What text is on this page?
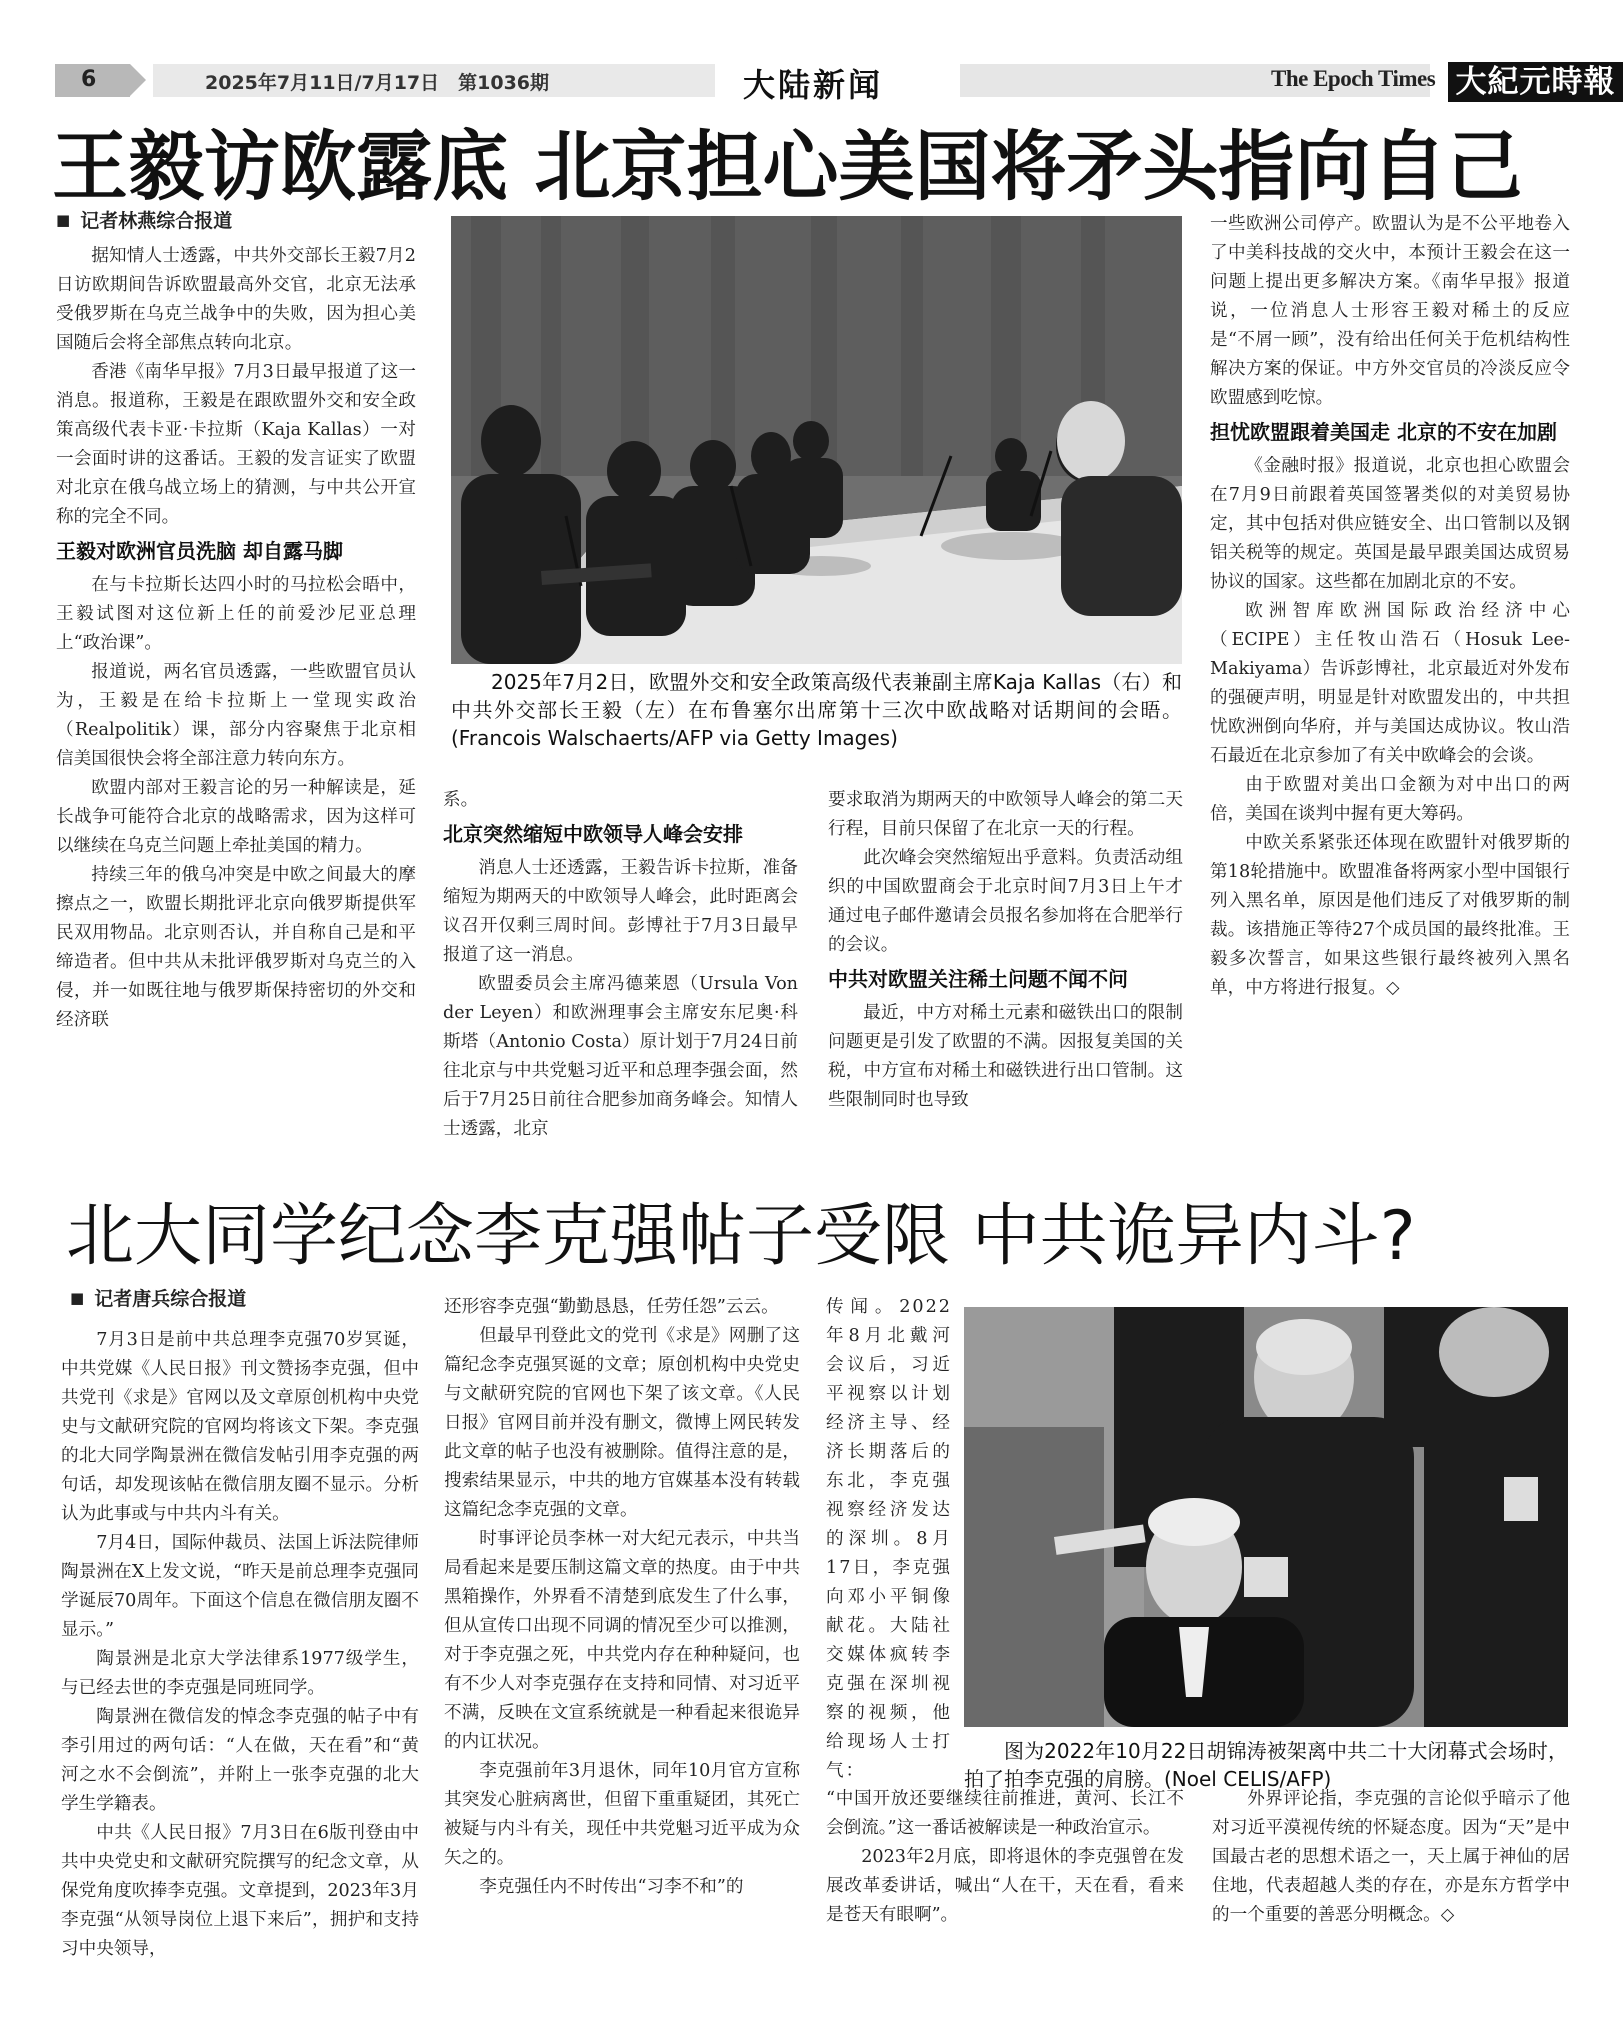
6	2025年7月11日/7月17日　第1036期	大陆新闻	The Epoch Times 大紀元時報
王毅访欧露底 北京担心美国将矛头指向自己
■ 记者林燕综合报道

据知情人士透露，中共外交部长王毅7月2日访欧期间告诉欧盟最高外交官，北京无法承受俄罗斯在乌克兰战争中的失败，因为担心美国随后会将全部焦点转向北京。

香港《南华早报》7月3日最早报道了这一消息。报道称，王毅是在跟欧盟外交和安全政策高级代表卡亚·卡拉斯（Kaja Kallas）一对一会面时讲的这番话。王毅的发言证实了欧盟对北京在俄乌战立场上的猜测，与中共公开宣称的完全不同。

王毅对欧洲官员洗脑 却自露马脚

在与卡拉斯长达四小时的马拉松会晤中，王毅试图对这位新上任的前爱沙尼亚总理上“政治课”。

报道说，两名官员透露，一些欧盟官员认为，王毅是在给卡拉斯上一堂现实政治（Realpolitik）课，部分内容聚焦于北京相信美国很快会将全部注意力转向东方。

欧盟内部对王毅言论的另一种解读是，延长战争可能符合北京的战略需求，因为这样可以继续在乌克兰问题上牵扯美国的精力。

持续三年的俄乌冲突是中欧之间最大的摩擦点之一，欧盟长期批评北京向俄罗斯提供军民双用物品。北京则否认，并自称自己是和平缔造者。但中共从未批评俄罗斯对乌克兰的入侵，并一如既往地与俄罗斯保持密切的外交和经济联

2025年7月2日，欧盟外交和安全政策高级代表兼副主席Kaja Kallas（右）和中共外交部长王毅（左）在布鲁塞尔出席第十三次中欧战略对话期间的会晤。(Francois Walschaerts/AFP via Getty Images)

系。

北京突然缩短中欧领导人峰会安排

消息人士还透露，王毅告诉卡拉斯，准备缩短为期两天的中欧领导人峰会，此时距离会议召开仅剩三周时间。彭博社于7月3日最早报道了这一消息。

欧盟委员会主席冯德莱恩（Ursula Von der Leyen）和欧洲理事会主席安东尼奥·科斯塔（Antonio Costa）原计划于7月24日前往北京与中共党魁习近平和总理李强会面，然后于7月25日前往合肥参加商务峰会。知情人士透露，北京

要求取消为期两天的中欧领导人峰会的第二天行程，目前只保留了在北京一天的行程。

此次峰会突然缩短出乎意料。负责活动组织的中国欧盟商会于北京时间7月3日上午才通过电子邮件邀请会员报名参加将在合肥举行的会议。

中共对欧盟关注稀土问题不闻不问

最近，中方对稀土元素和磁铁出口的限制问题更是引发了欧盟的不满。因报复美国的关税，中方宣布对稀土和磁铁进行出口管制。这些限制同时也导致

一些欧洲公司停产。欧盟认为是不公平地卷入了中美科技战的交火中，本预计王毅会在这一问题上提出更多解决方案。《南华早报》报道说，一位消息人士形容王毅对稀土的反应是“不屑一顾”，没有给出任何关于危机结构性解决方案的保证。中方外交官员的冷淡反应令欧盟感到吃惊。

担忧欧盟跟着美国走 北京的不安在加剧

《金融时报》报道说，北京也担心欧盟会在7月9日前跟着英国签署类似的对美贸易协定，其中包括对供应链安全、出口管制以及钢铝关税等的规定。英国是最早跟美国达成贸易协议的国家。这些都在加剧北京的不安。

欧洲智库欧洲国际政治经济中心（ECIPE）主任牧山浩石（Hosuk Lee-Makiyama）告诉彭博社，北京最近对外发布的强硬声明，明显是针对欧盟发出的，中共担忧欧洲倒向华府，并与美国达成协议。牧山浩石最近在北京参加了有关中欧峰会的会谈。

由于欧盟对美出口金额为对中出口的两倍，美国在谈判中握有更大筹码。

中欧关系紧张还体现在欧盟针对俄罗斯的第18轮措施中。欧盟准备将两家小型中国银行列入黑名单，原因是他们违反了对俄罗斯的制裁。该措施正等待27个成员国的最终批准。王毅多次誓言，如果这些银行最终被列入黑名单，中方将进行报复。◇

北大同学纪念李克强帖子受限 中共诡异内斗?
■ 记者唐兵综合报道

7月3日是前中共总理李克强70岁冥诞，中共党媒《人民日报》刊文赞扬李克强，但中共党刊《求是》官网以及文章原创机构中央党史与文献研究院的官网均将该文下架。李克强的北大同学陶景洲在微信发帖引用李克强的两句话，却发现该帖在微信朋友圈不显示。分析认为此事或与中共内斗有关。

7月4日，国际仲裁员、法国上诉法院律师陶景洲在X上发文说，“昨天是前总理李克强同学诞辰70周年。下面这个信息在微信朋友圈不显示。”

陶景洲是北京大学法律系1977级学生，与已经去世的李克强是同班同学。

陶景洲在微信发的悼念李克强的帖子中有李引用过的两句话：“人在做，天在看”和“黄河之水不会倒流”，并附上一张李克强的北大学生学籍表。

中共《人民日报》7月3日在6版刊登由中共中央党史和文献研究院撰写的纪念文章，从保党角度吹捧李克强。文章提到，2023年3月李克强“从领导岗位上退下来后”，拥护和支持习中央领导，

还形容李克强“勤勤恳恳，任劳任怨”云云。

但最早刊登此文的党刊《求是》网删了这篇纪念李克强冥诞的文章；原创机构中央党史与文献研究院的官网也下架了该文章。《人民日报》官网目前并没有删文，微博上网民转发此文章的帖子也没有被删除。值得注意的是，搜索结果显示，中共的地方官媒基本没有转载这篇纪念李克强的文章。

时事评论员李林一对大纪元表示，中共当局看起来是要压制这篇文章的热度。由于中共黑箱操作，外界看不清楚到底发生了什么事，但从宣传口出现不同调的情况至少可以推测，对于李克强之死，中共党内存在种种疑问，也有不少人对李克强存在支持和同情、对习近平不满，反映在文宣系统就是一种看起来很诡异的内讧状况。

李克强前年3月退休，同年10月官方宣称其突发心脏病离世，但留下重重疑团，其死亡被疑与内斗有关，现任中共党魁习近平成为众矢之的。

李克强任内不时传出“习李不和”的

传闻。2022年8月北戴河会议后，习近平视察以计划经济主导、经济长期落后的东北，李克强视察经济发达的深圳。8月17日，李克强向邓小平铜像献花。大陆社交媒体疯转李克强在深圳视察的视频，他给现场人士打气：

图为2022年10月22日胡锦涛被架离中共二十大闭幕式会场时，拍了拍李克强的肩膀。(Noel CELIS/AFP)

“中国开放还要继续往前推进，黄河、长江不会倒流。”这一番话被解读是一种政治宣示。

2023年2月底，即将退休的李克强曾在发展改革委讲话，喊出“人在干，天在看，看来是苍天有眼啊”。

外界评论指，李克强的言论似乎暗示了他对习近平漠视传统的怀疑态度。因为“天”是中国最古老的思想术语之一，天上属于神仙的居住地，代表超越人类的存在，亦是东方哲学中的一个重要的善恶分明概念。◇
